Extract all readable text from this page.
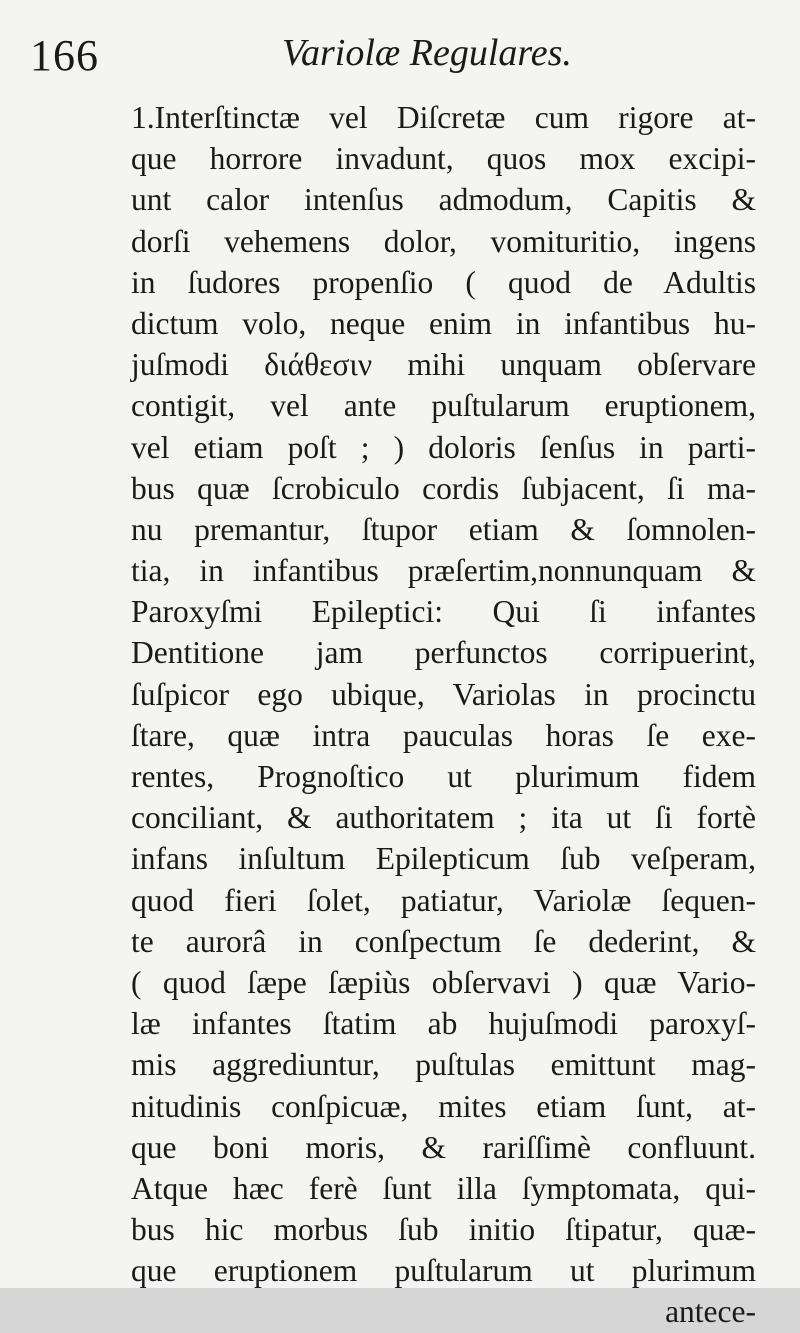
166	Variolæ Regulares.
1.Interſtinctæ vel Diſcretæ cum rigore at-
que horrore invadunt, quos mox excipi-
unt calor intenſus admodum, Capitis &
dorſi vehemens dolor, vomituritio, ingens
in ſudores propenſio ( quod de Adultis
dictum volo, neque enim in infantibus hu-
juſmodi διάθεσιν mihi unquam obſervare
contigit, vel ante puſtularum eruptionem,
vel etiam poſt ; ) doloris ſenſus in parti-
bus quæ ſcrobiculo cordis ſubjacent, ſi ma-
nu premantur, ſtupor etiam & ſomnolen-
tia, in infantibus præſertim,nonnunquam &
Paroxyſmi Epileptici: Qui ſi infantes
Dentitione jam perfunctos corripuerint,
ſuſpicor ego ubique, Variolas in procinctu
ſtare, quæ intra pauculas horas ſe exe-
rentes, Prognoſtico ut plurimum fidem
conciliant, & authoritatem ; ita ut ſi fortè
infans inſultum Epilepticum ſub veſperam,
quod fieri ſolet, patiatur, Variolæ ſequen-
te aurorâ in conſpectum ſe dederint, &
( quod ſæpe ſæpiùs obſervavi ) quæ Vario-
læ infantes ſtatim ab hujuſmodi paroxyſ-
mis aggrediuntur, puſtulas emittunt mag-
nitudinis conſpicuæ, mites etiam ſunt, at-
que boni moris, & rariſſimè confluunt.
Atque hæc ferè ſunt illa ſymptomata, qui-
bus hic morbus ſub initio ſtipatur, quæ-
que eruptionem puſtularum ut plurimum
antece-
